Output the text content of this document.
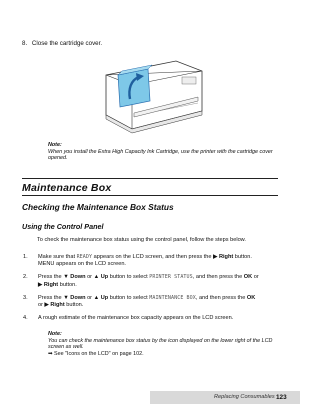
8. Close the cartridge cover.
Note:
When you install the Extra High Capacity Ink Cartridge, use the printer with the cartridge cover opened.
Maintenance Box
Checking the Maintenance Box Status
Using the Control Panel
To check the maintenance box status using the control panel, follow the steps below.
1. Make sure that READY appears on the LCD screen, and then press the ▶ Right button.
MENU appears on the LCD screen.
2. Press the ▼ Down or ▲ Up button to select PRINTER STATUS, and then press the OK or
▶ Right button.
3. Press the ▼ Down or ▲ Up button to select MAINTENANCE BOX, and then press the OK
or ▶ Right button.
4. A rough estimate of the maintenance box capacity appears on the LCD screen.
Note:
You can check the maintenance box status by the icon displayed on the lower right of the LCD screen as well.
➡ See "Icons on the LCD" on page 102.
Replacing Consumables 123
